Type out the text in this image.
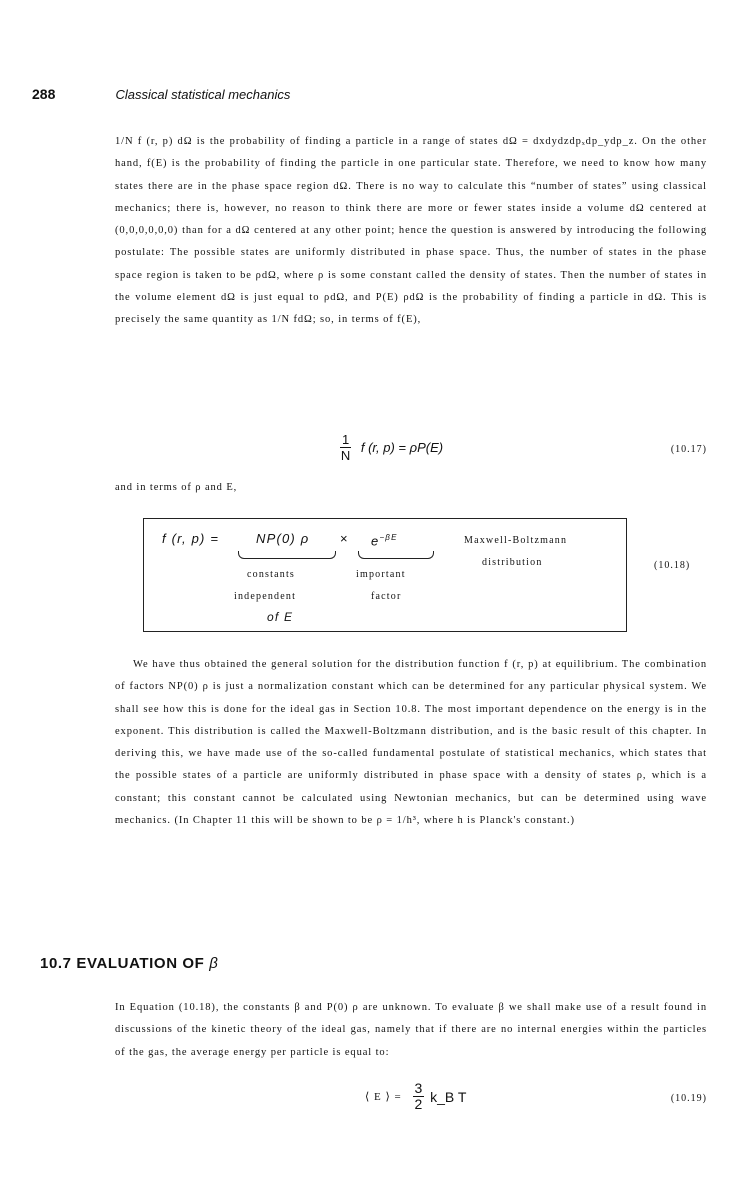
288	Classical statistical mechanics

1/N f (r, p) dΩ is the probability of finding a particle in a range of states dΩ = dxdydzdpₓdp_ydp_z. On the other hand, f(E) is the probability of finding the particle in one particular state. Therefore, we need to know how many states there are in the phase space region dΩ. There is no way to calculate this “number of states” using classical mechanics; there is, however, no reason to think there are more or fewer states inside a volume dΩ centered at (0,0,0,0,0,0) than for a dΩ centered at any other point; hence the question is answered by introducing the following postulate: The possible states are uniformly distributed in phase space. Thus, the number of states in the phase space region is taken to be ρdΩ, where ρ is some constant called the density of states. Then the number of states in the volume element dΩ is just equal to ρdΩ, and P(E) ρdΩ is the probability of finding a particle in dΩ. This is precisely the same quantity as 1/N fdΩ; so, in terms of f(E),

$\frac{1}{N}$ f (r, p) = ρP(E)	(10.17)

and in terms of ρ and E,

f (r, p) =	NP(0) $\rho \times e^{-\beta E}$	Maxwell-Boltzmann
distribution
constants
independent
of E
important
factor
(10.18)

We have thus obtained the general solution for the distribution function f (r, p) at equilibrium. The combination of factors NP(0) ρ is just a normalization constant which can be determined for any particular physical system. We shall see how this is done for the ideal gas in Section 10.8. The most important dependence on the energy is in the exponent. This distribution is called the Maxwell-Boltzmann distribution, and is the basic result of this chapter. In deriving this, we have made use of the so-called fundamental postulate of statistical mechanics, which states that the possible states of a particle are uniformly distributed in phase space with a density of states ρ, which is a constant; this constant cannot be calculated using Newtonian mechanics, but can be determined using wave mechanics. (In Chapter 11 this will be shown to be ρ = 1/h³, where h is Planck's constant.)

10.7 EVALUATION OF β

In Equation (10.18), the constants β and P(0) ρ are unknown. To evaluate β we shall make use of a result found in discussions of the kinetic theory of the ideal gas, namely that if there are no internal energies within the particles of the gas, the average energy per particle is equal to:

⟨ E ⟩ = $\frac{3}{2}$ k_B T	(10.19)
